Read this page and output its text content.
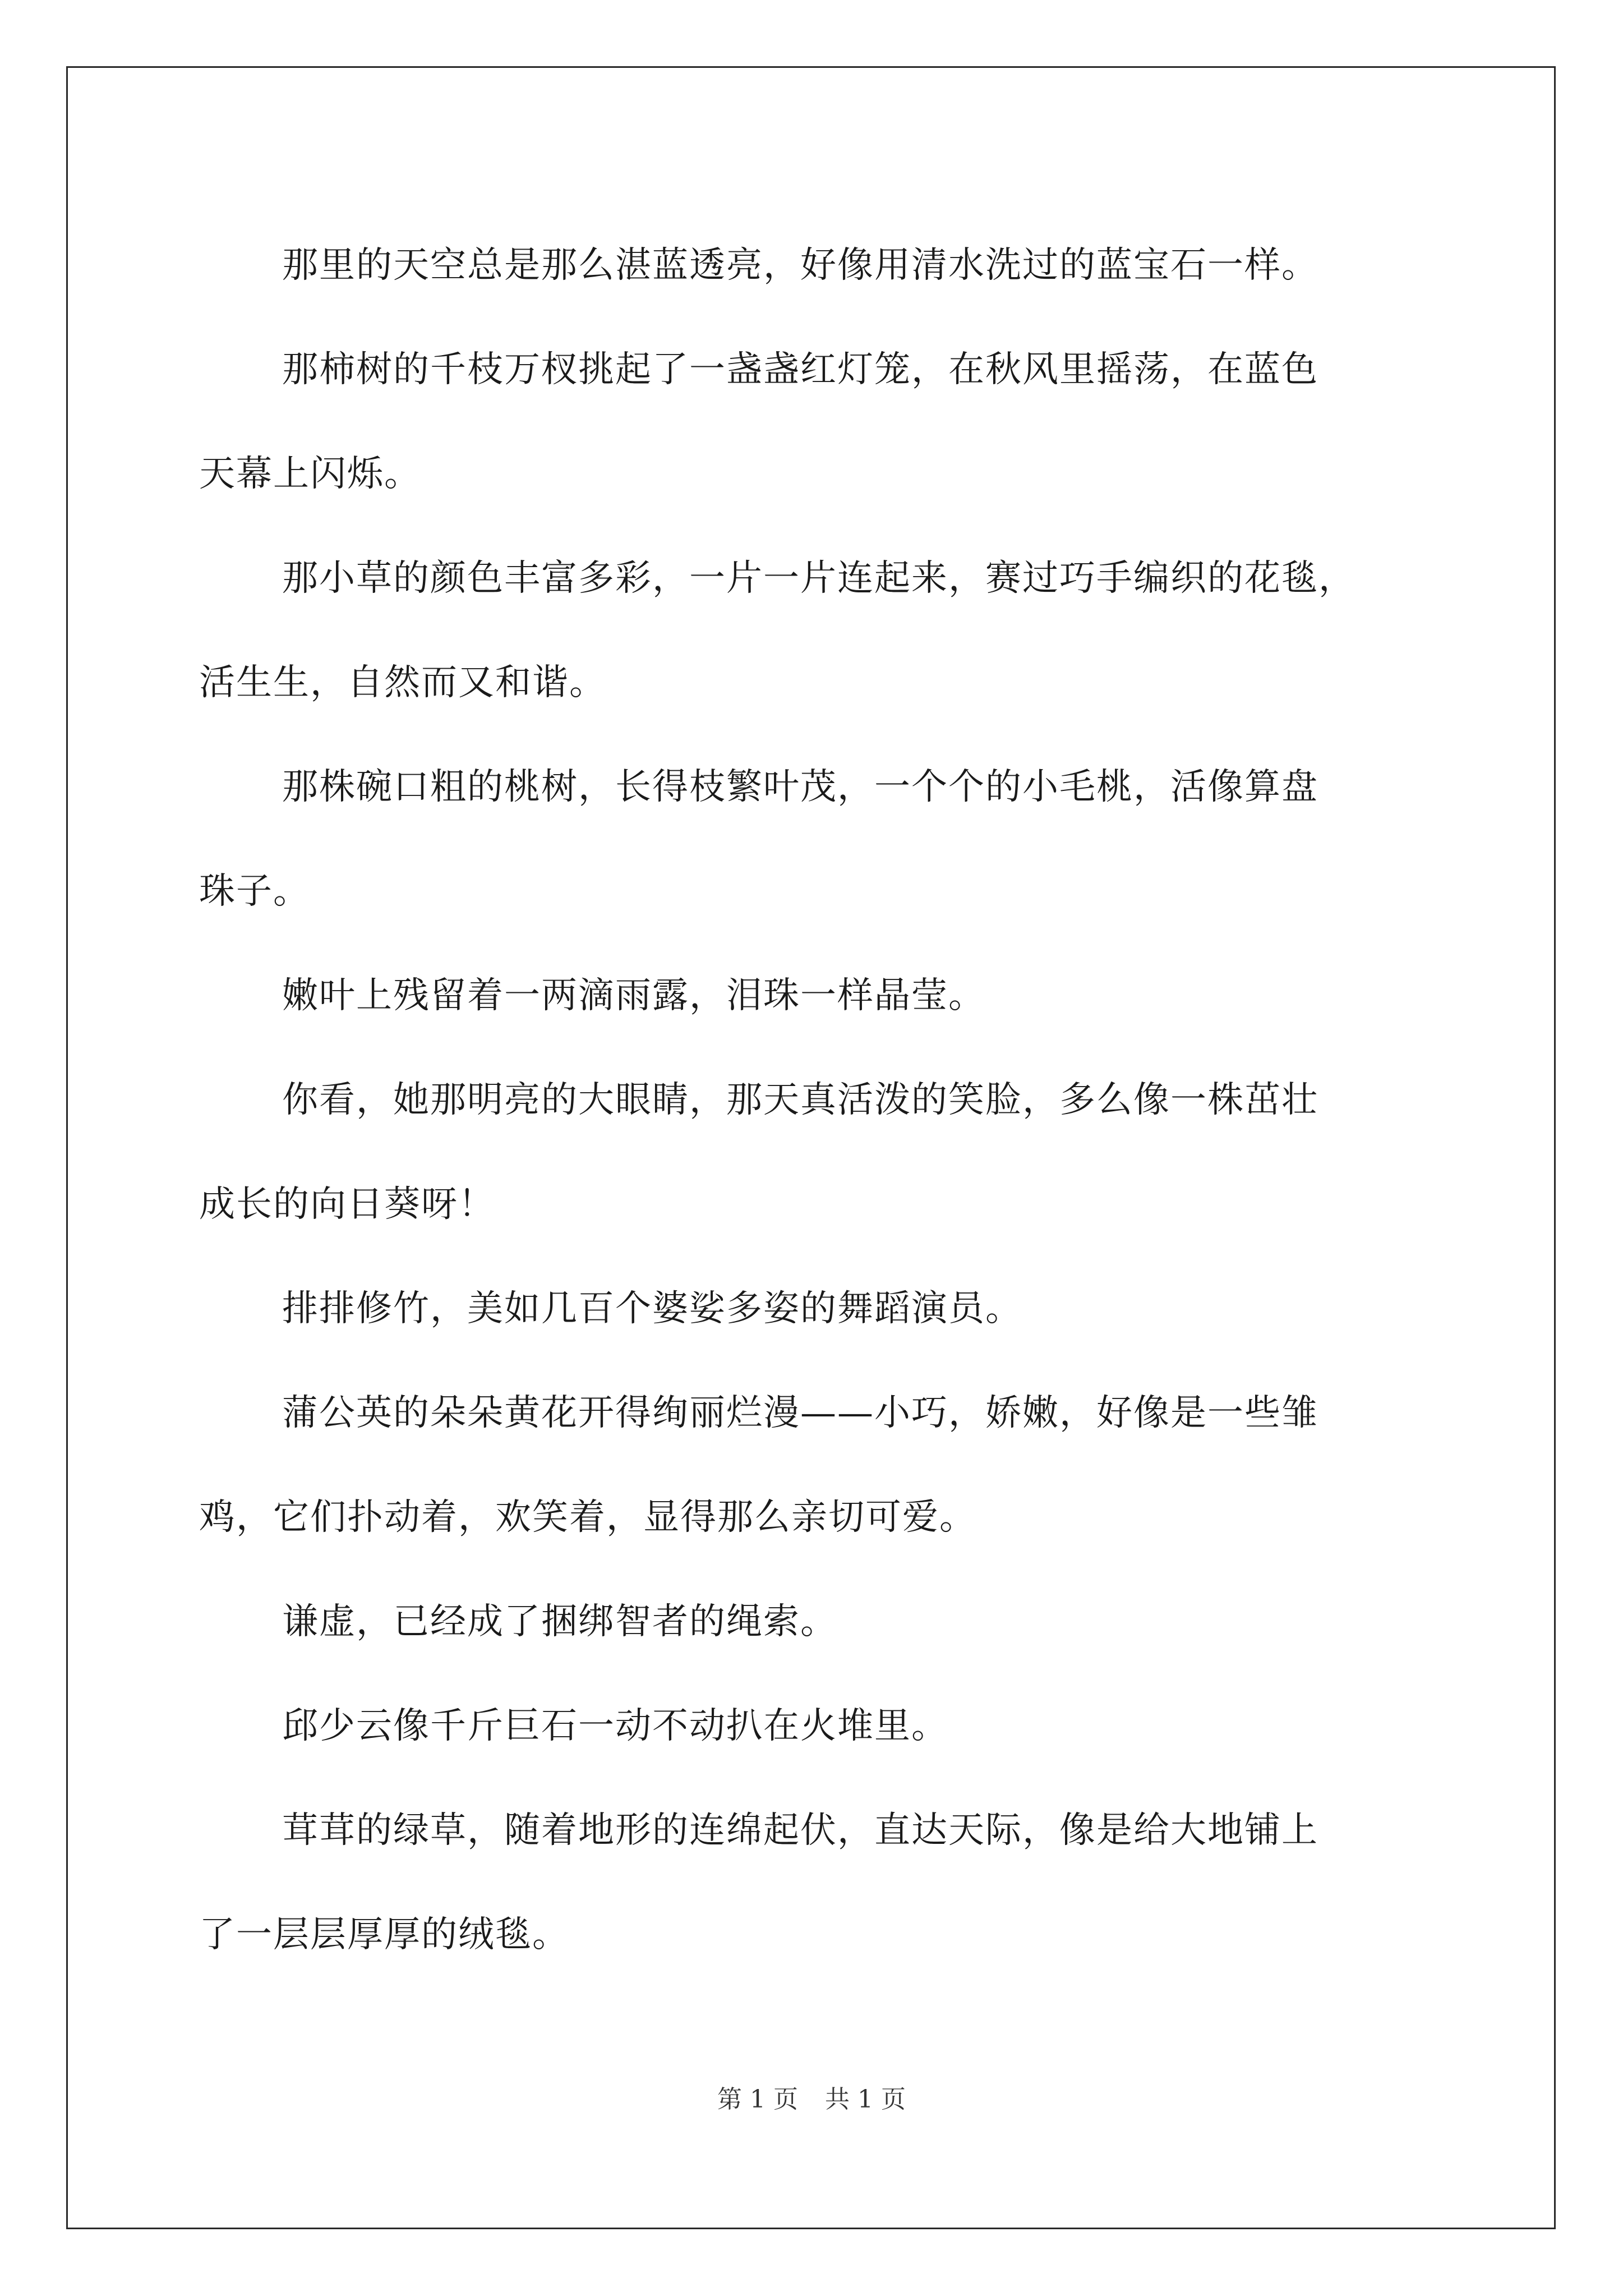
那里的天空总是那么湛蓝透亮，好像用清水洗过的蓝宝石一样。

那柿树的千枝万杈挑起了一盏盏红灯笼，在秋风里摇荡，在蓝色
天幕上闪烁。

那小草的颜色丰富多彩，一片一片连起来，赛过巧手编织的花毯，
活生生，自然而又和谐。

那株碗口粗的桃树，长得枝繁叶茂，一个个的小毛桃，活像算盘
珠子。

嫩叶上残留着一两滴雨露，泪珠一样晶莹。

你看，她那明亮的大眼睛，那天真活泼的笑脸，多么像一株茁壮
成长的向日葵呀！

排排修竹，美如几百个婆娑多姿的舞蹈演员。

蒲公英的朵朵黄花开得绚丽烂漫——小巧，娇嫩，好像是一些雏
鸡，它们扑动着，欢笑着，显得那么亲切可爱。

谦虚，已经成了捆绑智者的绳索。

邱少云像千斤巨石一动不动扒在火堆里。

茸茸的绿草，随着地形的连绵起伏，直达天际，像是给大地铺上
了一层层厚厚的绒毯。

第 1 页 共 1 页
